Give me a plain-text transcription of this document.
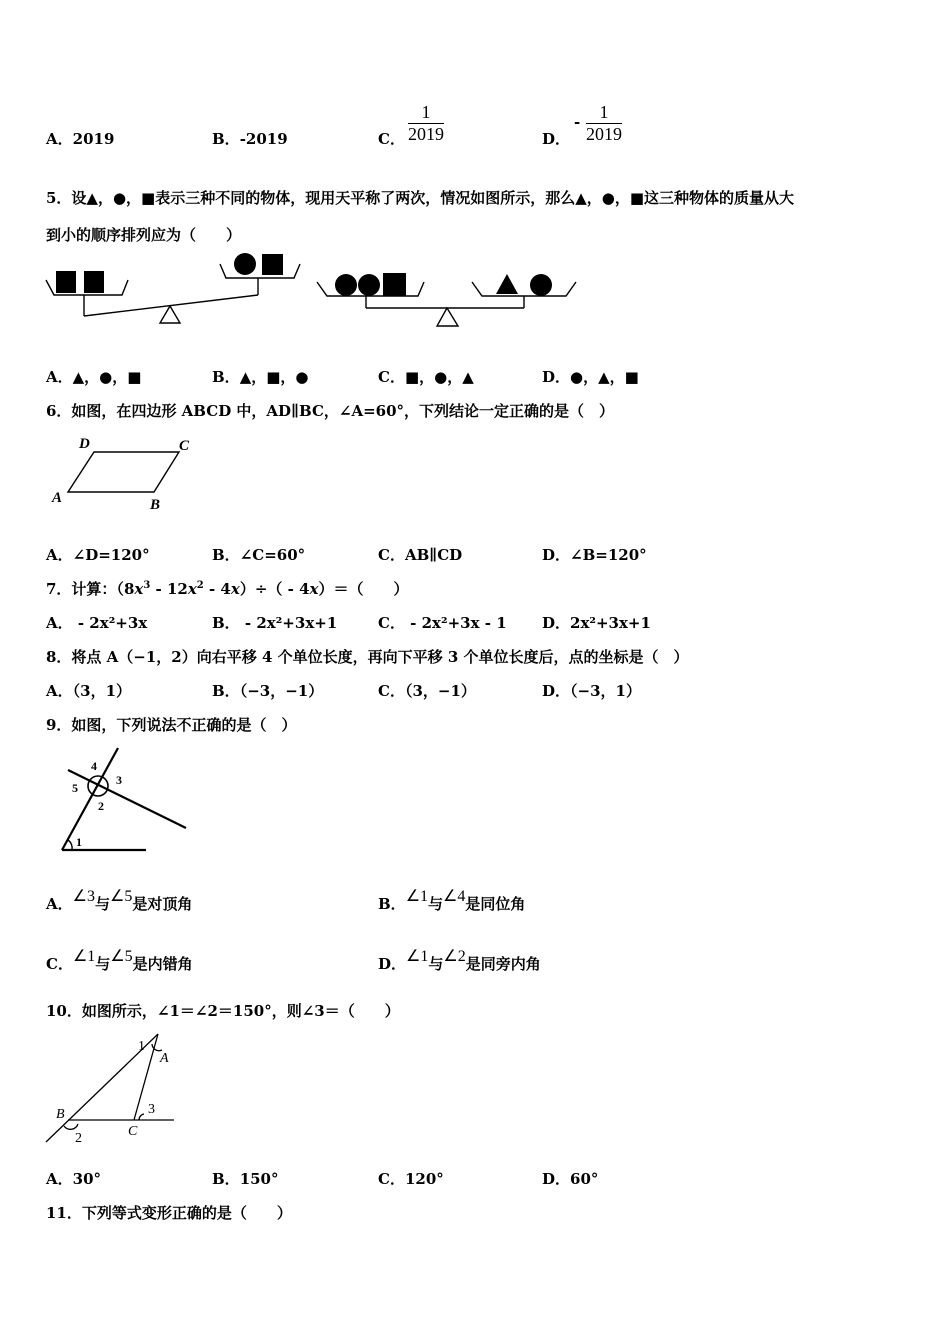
A．2019	B．-2019	C． $\frac{1}{2019}$	D．
- $\frac{1}{2019}$
5．设▲，●，■表示三种不同的物体，现用天平称了两次，情况如图所示，那么▲，●，■这三种物体的质量从大
到小的顺序排列应为（　　）
A．▲，●，■	B．▲，■，●	C．■，●，▲	D．●，▲，■
6．如图，在四边形 ABCD 中，AD∥BC，∠A=60°，下列结论一定正确的是（　）
D	C
A	B
A．∠D=120°	B．∠C=60°	C．AB∥CD	D．∠B=120°
7．计算：$(8x^3 - 12x^2 - 4x)\div( - 4x)=$（　　）
A． - 2x²+3x	B． - 2x²+3x+1	C． - 2x²+3x - 1 D．2x²+3x+1
8．将点 A（−1，2）向右平移 4 个单位长度，再向下平移 3 个单位长度后，点的坐标是（　）
A．（3，1）	B．（−3，−1）	C．（3，−1）	D．（−3，1）
9．如图，下列说法不正确的是（　）
1
2
3
4
5
A．∠3与∠5是对顶角	B．∠1与∠4是同位角
C．∠1与∠5是内错角	D．∠1与∠2是同旁内角
10．如图所示，∠1＝∠2＝150°，则∠3＝（　　）
1
A
B
2	C
3
A．30°	B．150°	C．120°	D．60°
11．下列等式变形正确的是（　　）
